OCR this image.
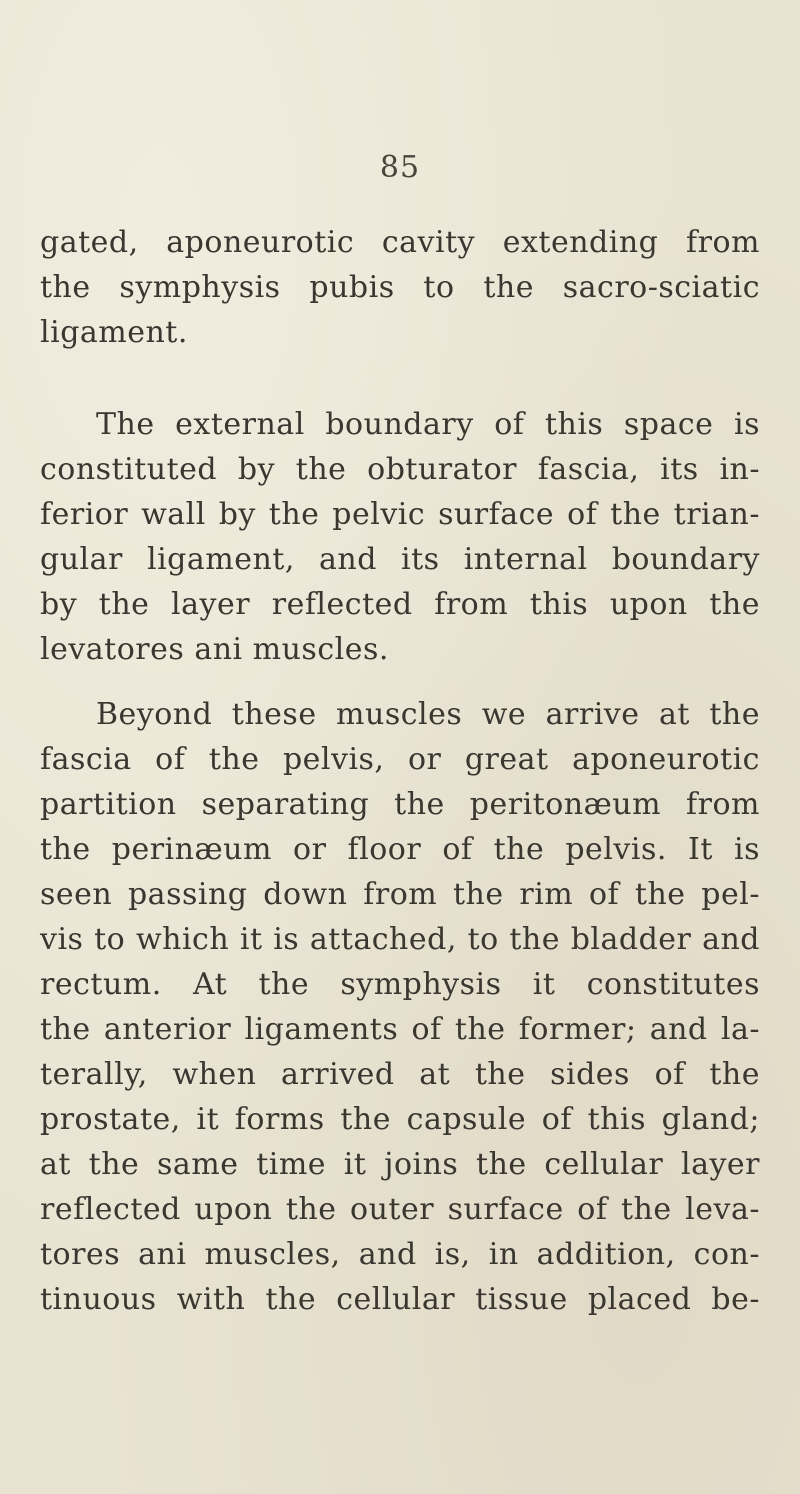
85
gated, aponeurotic cavity extending from
the symphysis pubis to the sacro-sciatic
ligament.
The external boundary of this space is
constituted by the obturator fascia, its in-
ferior wall by the pelvic surface of the trian-
gular ligament, and its internal boundary
by the layer reflected from this upon the
levatores ani muscles.
Beyond these muscles we arrive at the
fascia of the pelvis, or great aponeurotic
partition separating the peritonæum from
the perinæum or floor of the pelvis. It is
seen passing down from the rim of the pel-
vis to which it is attached, to the bladder and
rectum. At the symphysis it constitutes
the anterior ligaments of the former; and la-
terally, when arrived at the sides of the
prostate, it forms the capsule of this gland;
at the same time it joins the cellular layer
reflected upon the outer surface of the leva-
tores ani muscles, and is, in addition, con-
tinuous with the cellular tissue placed be-
